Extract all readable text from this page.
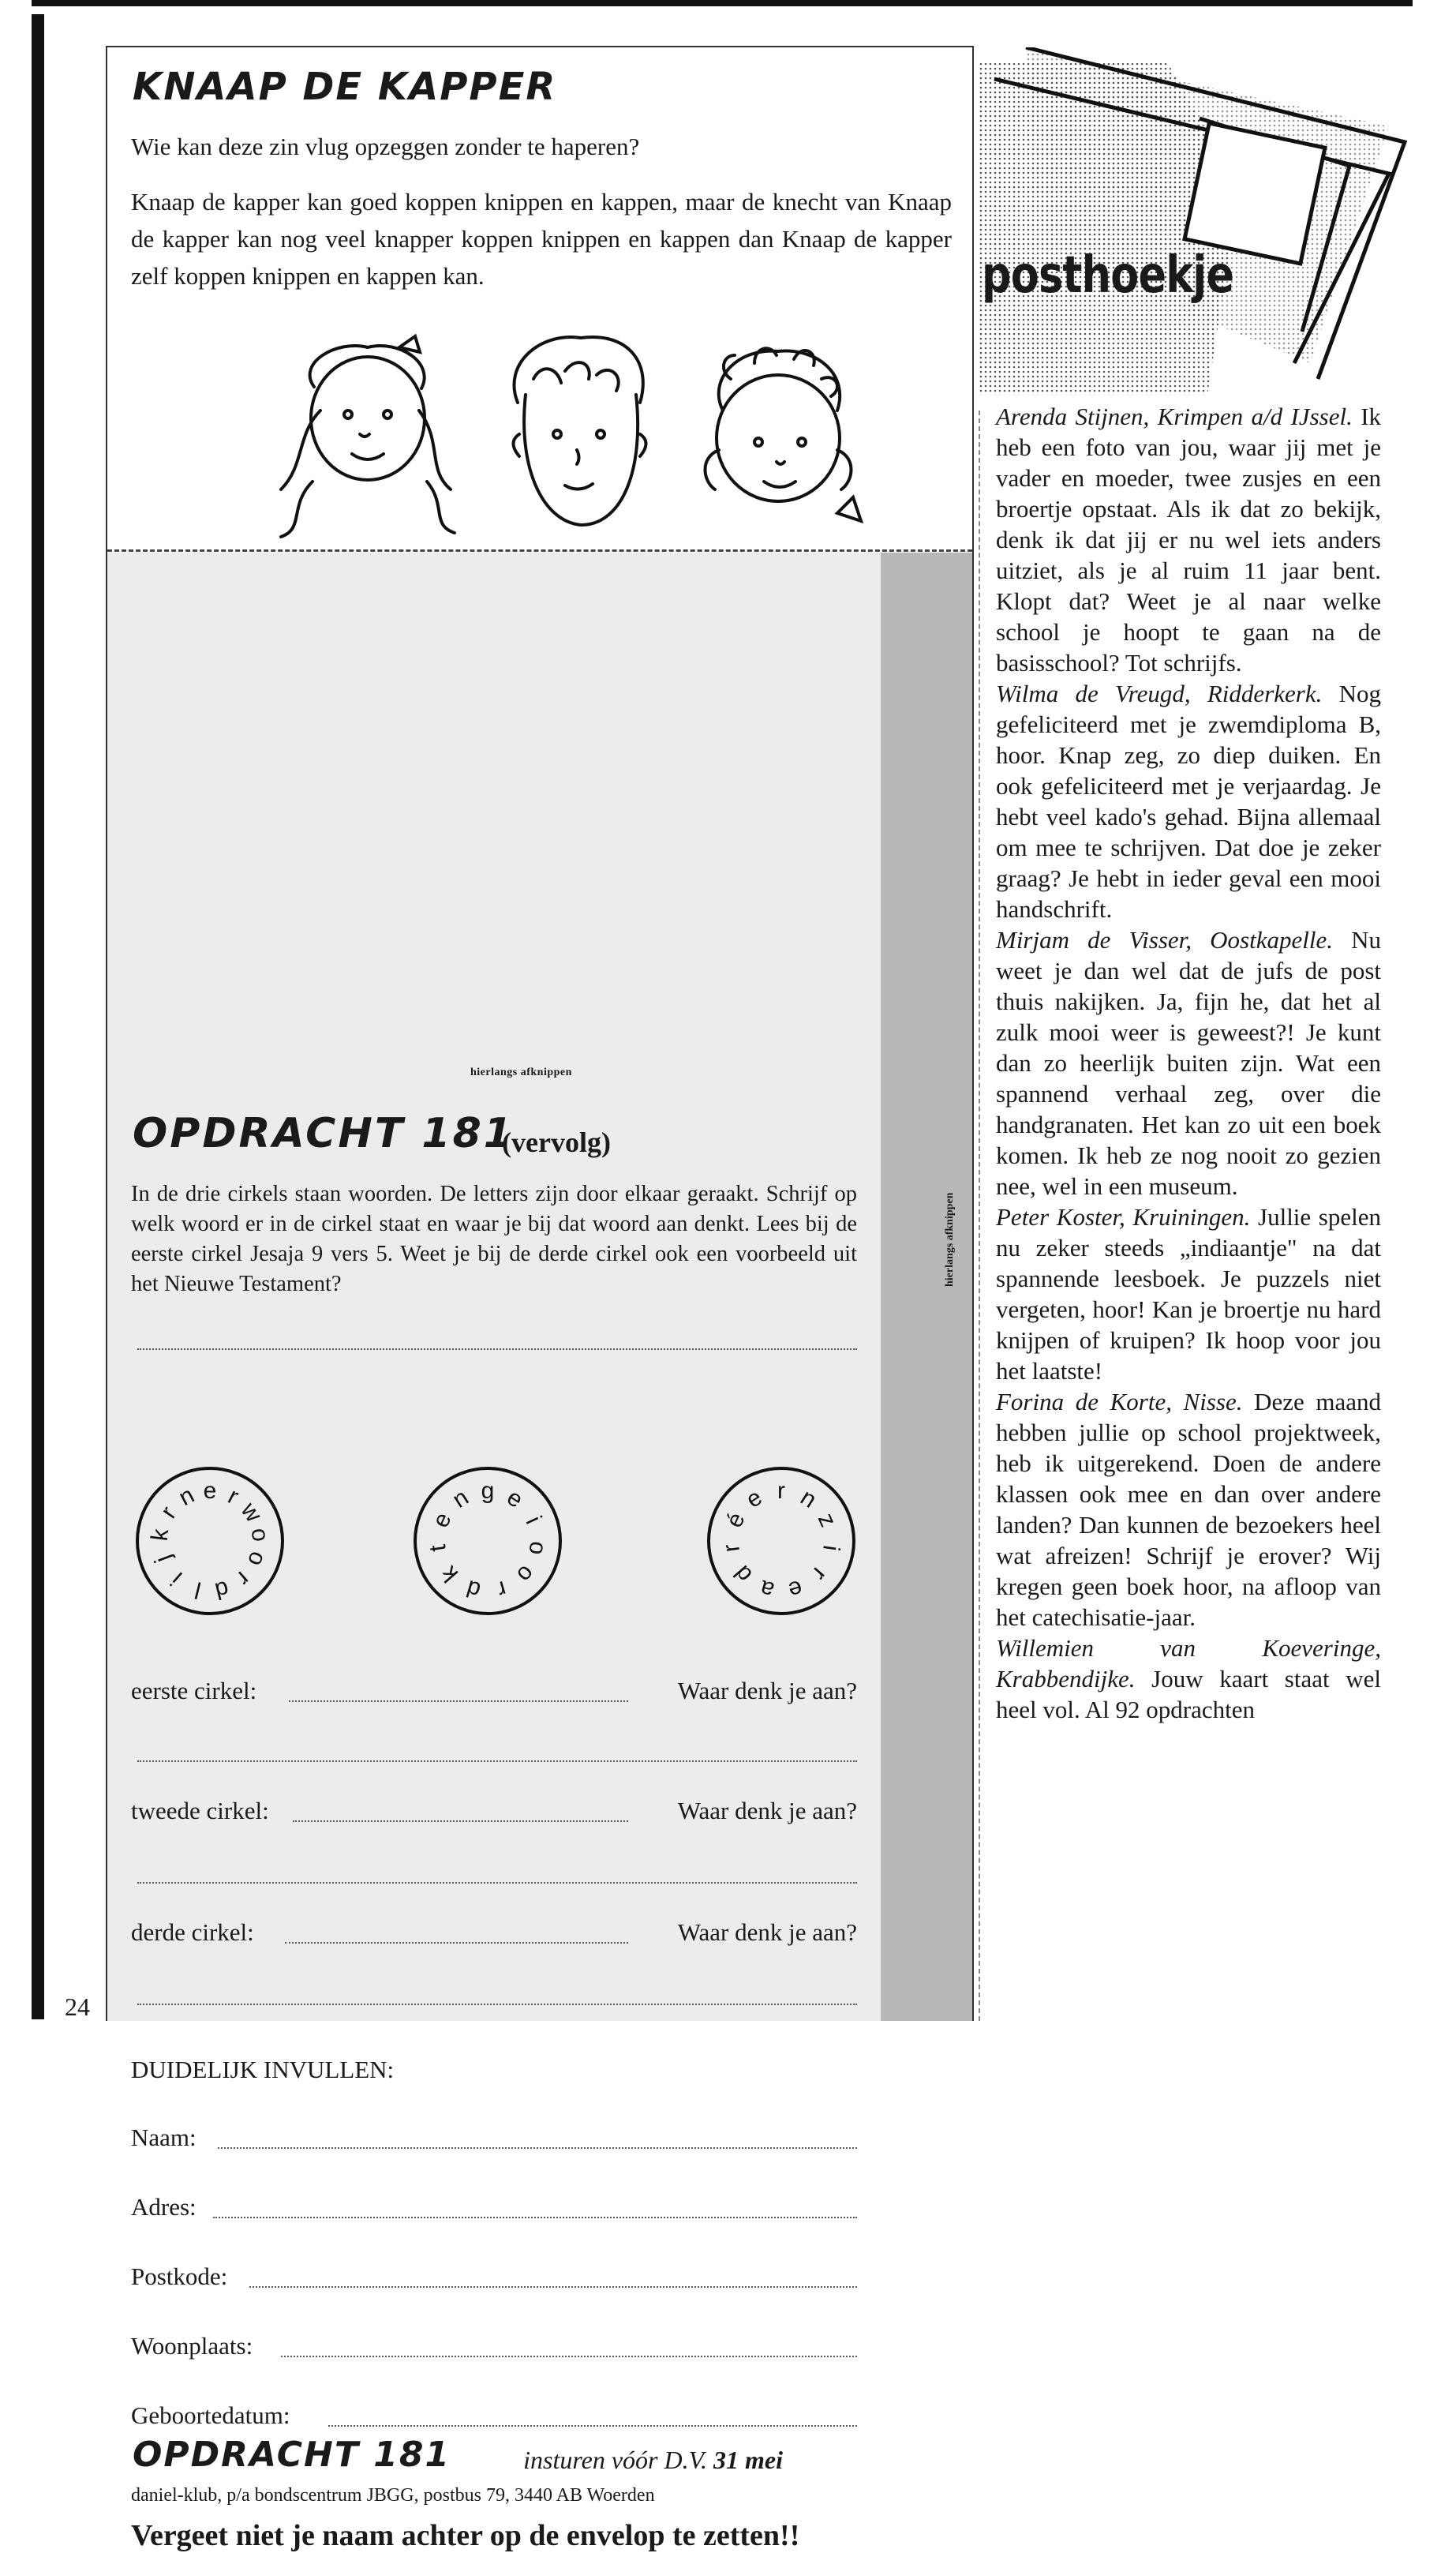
24
KNAAP DE KAPPER

Wie kan deze zin vlug opzeggen zonder te haperen?

Knaap de kapper kan goed koppen knippen en kappen, maar de knecht van Knaap de kapper kan nog veel knapper koppen knippen en kappen dan Knaap de kapper zelf koppen knippen en kappen kan.

hierlangs afknippen
OPDRACHT 181
(vervolg)

In de drie cirkels staan woorden. De letters zijn door elkaar geraakt. Schrijf op welk woord er in de cirkel staat en waar je bij dat woord aan denkt. Lees bij de eerste cirkel Jesaja 9 vers 5. Weet je bij de derde cirkel ook een voorbeeld uit het Nieuwe Testament?

e r
w
o
o
r
d
l
i
j
k
r
n	g e
i
o
o
r
d
k
t
e
n	r n
z
i
r
e
a
d
r
é
e
eerste cirkel:	Waar denk je aan?
tweede cirkel:	Waar denk je aan?
derde cirkel:	Waar denk je aan?
DUIDELIJK INVULLEN:
Naam:
Adres:
Postkode:
Woonplaats:
Geboortedatum:
OPDRACHT 181	insturen vóór D.V. 31 mei
daniel-klub, p/a bondscentrum JBGG, postbus 79, 3440 AB Woerden
Vergeet niet je naam achter op de envelop te zetten!!
hierlangs afknippen
posthoekje

Arenda Stijnen, Krimpen a/d IJssel. Ik heb een foto van jou, waar jij met je vader en moeder, twee zusjes en een broertje opstaat. Als ik dat zo bekijk, denk ik dat jij er nu wel iets anders uitziet, als je al ruim 11 jaar bent. Klopt dat? Weet je al naar welke school je hoopt te gaan na de basisschool? Tot schrijfs.

Wilma de Vreugd, Ridderkerk. Nog gefeliciteerd met je zwemdiploma B, hoor. Knap zeg, zo diep duiken. En ook gefeliciteerd met je verjaardag. Je hebt veel kado's gehad. Bijna allemaal om mee te schrijven. Dat doe je zeker graag? Je hebt in ieder geval een mooi handschrift.

Mirjam de Visser, Oostkapelle. Nu weet je dan wel dat de jufs de post thuis nakijken. Ja, fijn he, dat het al zulk mooi weer is geweest?! Je kunt dan zo heerlijk buiten zijn. Wat een spannend verhaal zeg, over die handgranaten. Het kan zo uit een boek komen. Ik heb ze nog nooit zo gezien nee, wel in een museum.

Peter Koster, Kruiningen. Jullie spelen nu zeker steeds „indiaantje" na dat spannende leesboek. Je puzzels niet vergeten, hoor! Kan je broertje nu hard knijpen of kruipen? Ik hoop voor jou het laatste!

Forina de Korte, Nisse. Deze maand hebben jullie op school projektweek, heb ik uitgerekend. Doen de andere klassen ook mee en dan over andere landen? Dan kunnen de bezoekers heel wat afreizen! Schrijf je erover? Wij kregen geen boek hoor, na afloop van het catechisatie-jaar.

Willemien van Koeveringe, Krabbendijke. Jouw kaart staat wel heel vol. Al 92 opdrachten
